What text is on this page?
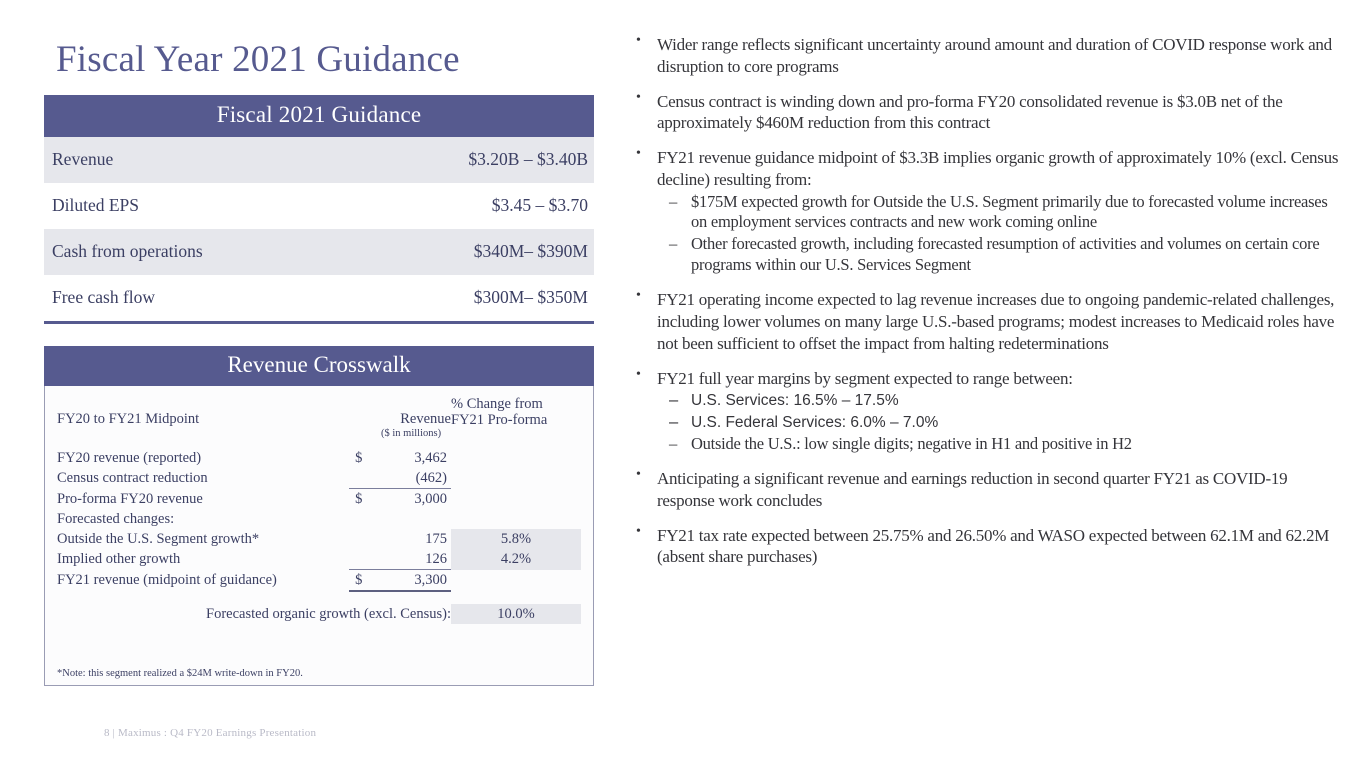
Fiscal Year 2021 Guidance
Fiscal 2021 Guidance
Revenue	$3.20B – $3.40B
Diluted EPS	$3.45 – $3.70
Cash from operations	$340M– $390M
Free cash flow	$300M– $350M
Revenue Crosswalk
FY20 to FY21 Midpoint		Revenue	% Change from
FY21 Pro-forma
		($ in millions)	
FY20 revenue (reported)	$	3,462	
Census contract reduction		(462)	
Pro-forma FY20 revenue	$	3,000	
Forecasted changes:			
Outside the U.S. Segment growth*		175	5.8%
Implied other growth		126	4.2%
FY21 revenue (midpoint of guidance)	$	3,300	

Forecasted organic growth (excl. Census):			10.0%
*Note: this segment realized a $24M write-down in FY20.
8 | Maximus : Q4 FY20 Earnings Presentation
• Wider range reflects significant uncertainty around amount and duration of COVID response work and disruption to core programs
• Census contract is winding down and pro-forma FY20 consolidated revenue is $3.0B net of the approximately $460M reduction from this contract
• FY21 revenue guidance midpoint of $3.3B implies organic growth of approximately 10% (excl. Census decline) resulting from:
– $175M expected growth for Outside the U.S. Segment primarily due to forecasted volume increases on employment services contracts and new work coming online
– Other forecasted growth, including forecasted resumption of activities and volumes on certain core programs within our U.S. Services Segment
• FY21 operating income expected to lag revenue increases due to ongoing pandemic-related challenges, including lower volumes on many large U.S.-based programs; modest increases to Medicaid roles have not been sufficient to offset the impact from halting redeterminations
• FY21 full year margins by segment expected to range between:
– U.S. Services: 16.5% – 17.5%
– U.S. Federal Services: 6.0% – 7.0%
– Outside the U.S.: low single digits; negative in H1 and positive in H2
• Anticipating a significant revenue and earnings reduction in second quarter FY21 as COVID-19 response work concludes
• FY21 tax rate expected between 25.75% and 26.50% and WASO expected between 62.1M and 62.2M (absent share purchases)
